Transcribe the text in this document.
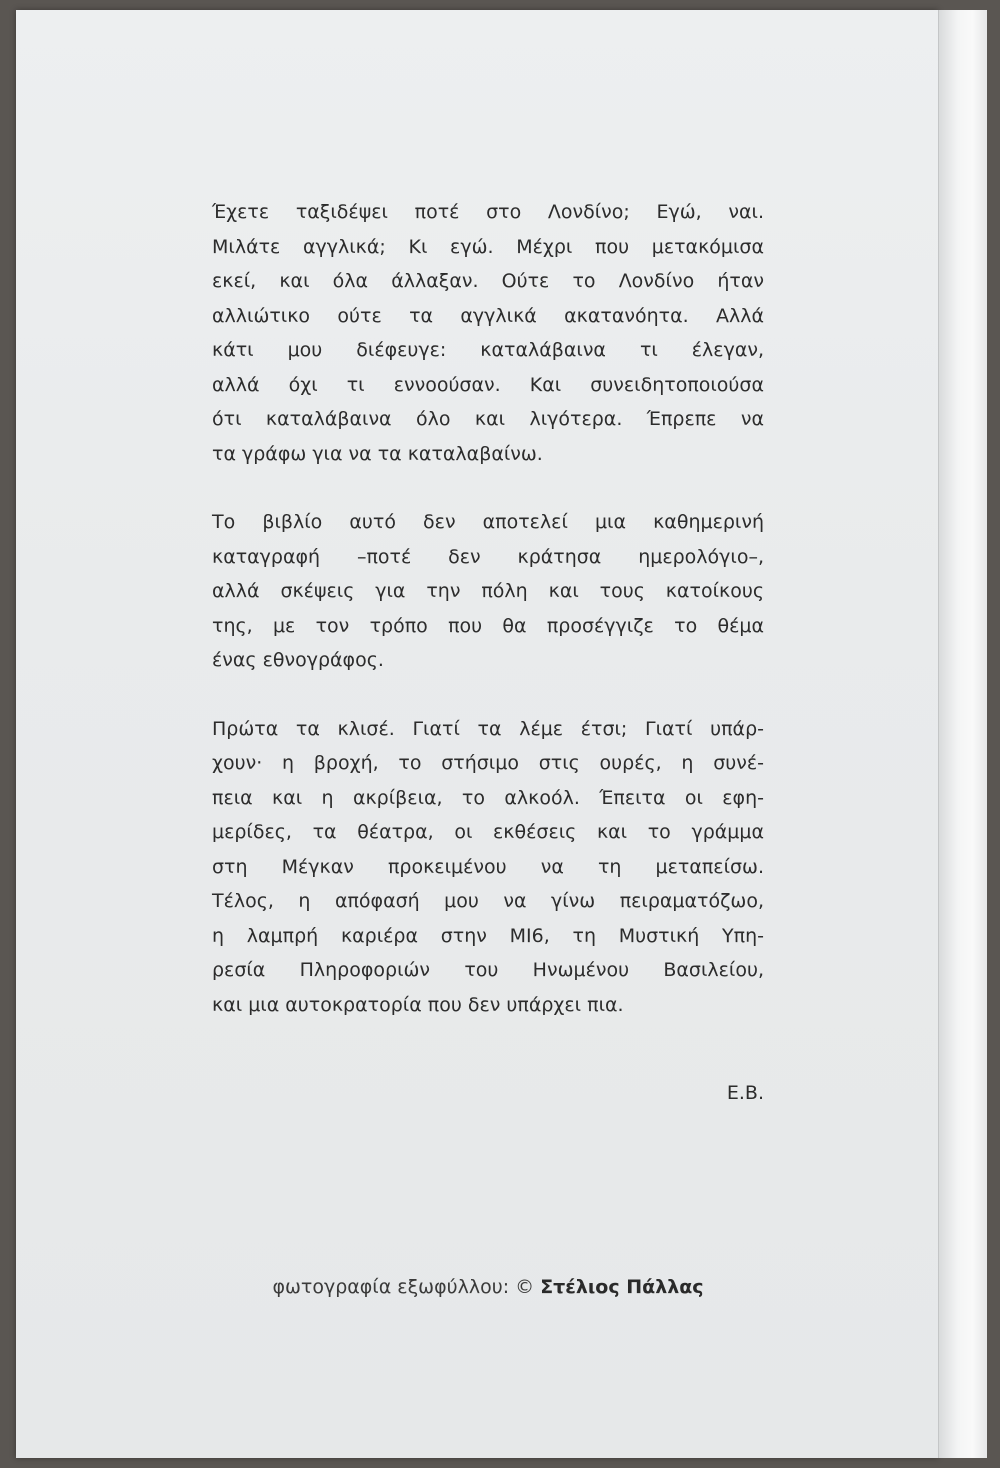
Έχετε ταξιδέψει ποτέ στο Λονδίνο; Εγώ, ναι.
Μιλάτε αγγλικά; Κι εγώ. Μέχρι που μετακόμισα
εκεί, και όλα άλλαξαν. Ούτε το Λονδίνο ήταν
αλλιώτικο ούτε τα αγγλικά ακατανόητα. Αλλά
κάτι μου διέφευγε: καταλάβαινα τι έλεγαν,
αλλά όχι τι εννοούσαν. Και συνειδητοποιούσα
ότι καταλάβαινα όλο και λιγότερα. Έπρεπε να
τα γράφω για να τα καταλαβαίνω.
Το βιβλίο αυτό δεν αποτελεί μια καθημερινή
καταγραφή –ποτέ δεν κράτησα ημερολόγιο–,
αλλά σκέψεις για την πόλη και τους κατοίκους
της, με τον τρόπο που θα προσέγγιζε το θέμα
ένας εθνογράφος.
Πρώτα τα κλισέ. Γιατί τα λέμε έτσι; Γιατί υπάρ-
χουν· η βροχή, το στήσιμο στις ουρές, η συνέ-
πεια και η ακρίβεια, το αλκοόλ. Έπειτα οι εφη-
μερίδες, τα θέατρα, οι εκθέσεις και το γράμμα
στη Μέγκαν προκειμένου να τη μεταπείσω.
Τέλος, η απόφασή μου να γίνω πειραματόζωο,
η λαμπρή καριέρα στην ΜΙ6, τη Μυστική Υπη-
ρεσία Πληροφοριών του Ηνωμένου Βασιλείου,
και μια αυτοκρατορία που δεν υπάρχει πια.
Ε.Β.
φωτογραφία εξωφύλλου: © Στέλιος Πάλλας
